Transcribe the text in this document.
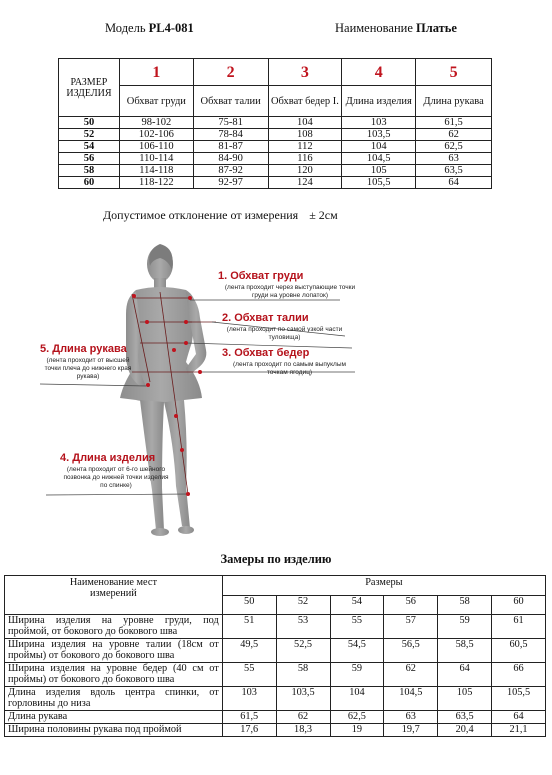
Модель PL4-081	Наименование Платье
РАЗМЕР ИЗДЕЛИЯ	1	2	3	4	5
	Обхват груди	Обхват талии	Обхват бедер I.	Длина изделия	Длина рукава
50	98-102	75-81	104	103	61,5
52	102-106	78-84	108	103,5	62
54	106-110	81-87	112	104	62,5
56	110-114	84-90	116	104,5	63
58	114-118	87-92	120	105	63,5
60	118-122	92-97	124	105,5	64
Допустимое отклонение от измерения ± 2см
1. Обхват груди
(лента проходит через выступающие точки груди на уровне лопаток)
2. Обхват талии
(лента проходит по самой узкой части туловища)
3. Обхват бедер
(лента проходит по самым выпуклым точкам ягодиц)
5. Длина рукава
(лента проходит от высшей точки плеча до нижнего края рукава)
4. Длина изделия
(лента проходит от 6-го шейного позвонка до нижней точки изделия по спинке)
Замеры по изделию
Наименование мест измерений	Размеры					
	50	52	54	56	58	60
Ширина изделия на уровне груди, под проймой, от бокового до бокового шва	51	53	55	57	59	61
Ширина изделия на уровне талии (18см от проймы) от бокового до бокового шва	49,5	52,5	54,5	56,5	58,5	60,5
Ширина изделия на уровне бедер (40 см от проймы) от бокового до бокового шва	55	58	59	62	64	66
Длина изделия вдоль центра спинки, от горловины до низа	103	103,5	104	104,5	105	105,5
Длина рукава	61,5	62	62,5	63	63,5	64
Ширина половины рукава под проймой	17,6	18,3	19	19,7	20,4	21,1
